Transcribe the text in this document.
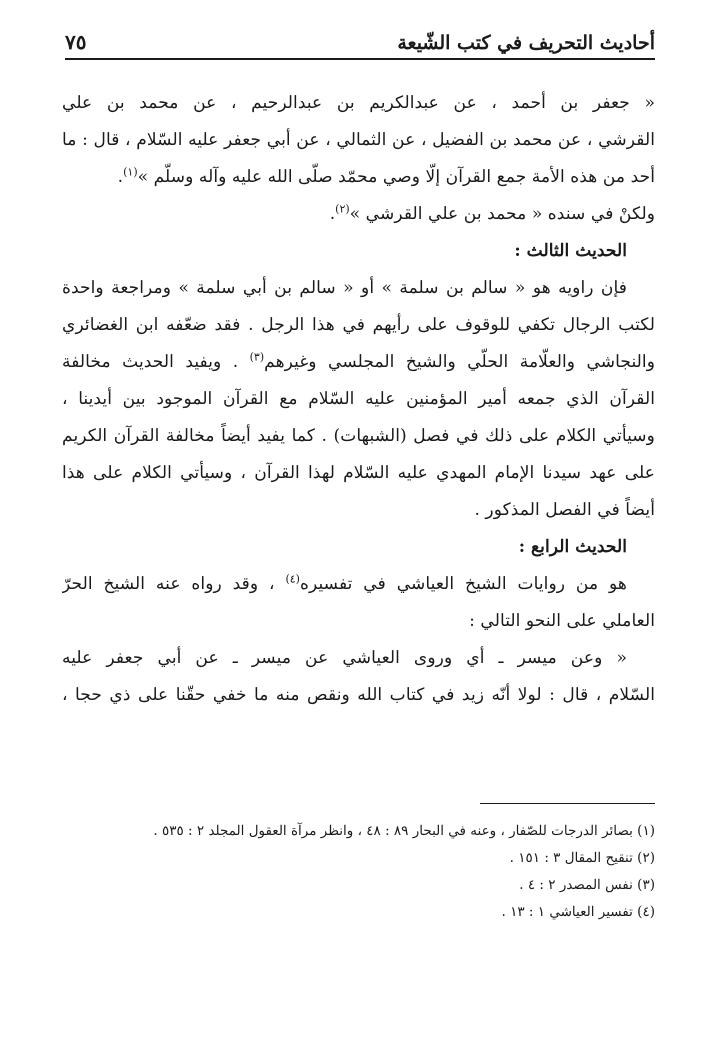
أحاديث التحريف في كتب الشّيعة
٧٥
« جعفر بن أحمد ، عن عبدالكريم بن عبدالرحيم ، عن محمد بن علي
القرشي ، عن محمد بن الفضيل ، عن الثمالي ، عن أبي جعفر عليه السّلام ، قال : ما
أحد من هذه الأمة جمع القرآن إلّا وصي محمّد صلّى الله عليه وآله وسلّم »$^{(١)}$.
ولكنْ في سنده « محمد بن علي القرشي »$^{(٢)}$.
الحديث الثالث :
فإن راويه هو « سالم بن سلمة » أو « سالم بن أبي سلمة » ومراجعة واحدة
لكتب الرجال تكفي للوقوف على رأيهم في هذا الرجل . فقد ضعّفه ابن الغضائري
والنجاشي والعلّامة الحلّي والشيخ المجلسي وغيرهم$^{(٣)}$ . ويفيد الحديث مخالفة
القرآن الذي جمعه أمير المؤمنين عليه السّلام مع القرآن الموجود بين أيدينا ،
وسيأتي الكلام على ذلك في فصل (الشبهات) . كما يفيد أيضاً مخالفة القرآن الكريم
على عهد سيدنا الإمام المهدي عليه السّلام لهذا القرآن ، وسيأتي الكلام على هذا
أيضاً في الفصل المذكور .
الحديث الرابع :
هو من روايات الشيخ العياشي في تفسيره$^{(٤)}$ ، وقد رواه عنه الشيخ الحرّ
العاملي على النحو التالي :
« وعن ميسر ـ أي وروى العياشي عن ميسر ـ عن أبي جعفر عليه
السّلام ، قال : لولا أنّه زيد في كتاب الله ونقص منه ما خفي حقّنا على ذي حجا ،
(١) بصائر الدرجات للصّفار ، وعنه في البحار ٨٩ : ٤٨ ، وانظر مرآة العقول المجلد ٢ : ٥٣٥ .
(٢) تنقيح المقال ٣ : ١٥١ .
(٣) نفس المصدر ٢ : ٤ .
(٤) تفسير العياشي ١ : ١٣ .
